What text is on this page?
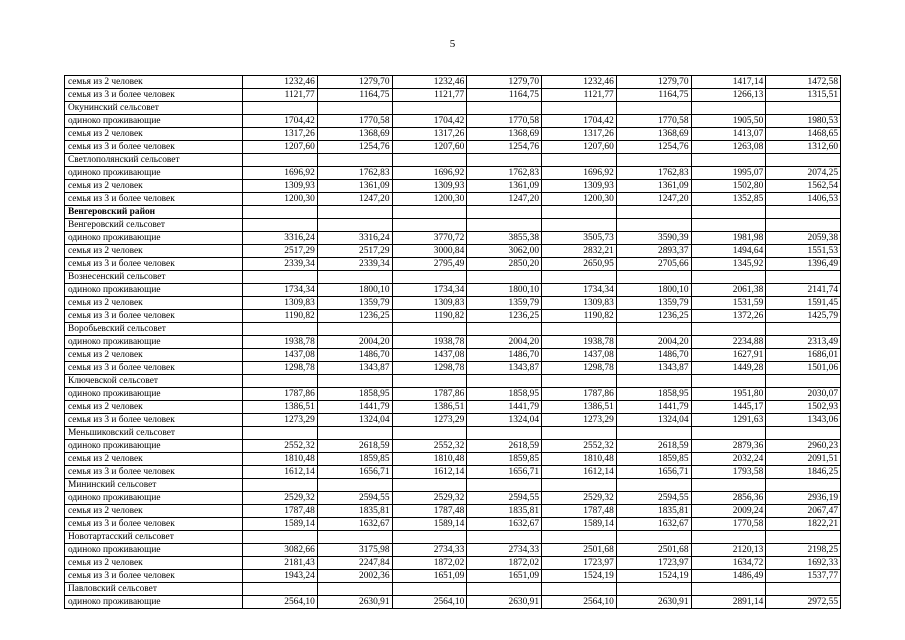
5
семья из 2 человек	1232,46	1279,70	1232,46	1279,70	1232,46	1279,70	1417,14	1472,58
семья из 3 и более человек	1121,77	1164,75	1121,77	1164,75	1121,77	1164,75	1266,13	1315,51
Окунинский сельсовет								
одиноко проживающие	1704,42	1770,58	1704,42	1770,58	1704,42	1770,58	1905,50	1980,53
семья из 2 человек	1317,26	1368,69	1317,26	1368,69	1317,26	1368,69	1413,07	1468,65
семья из 3 и более человек	1207,60	1254,76	1207,60	1254,76	1207,60	1254,76	1263,08	1312,60
Светлополянский сельсовет								
одиноко проживающие	1696,92	1762,83	1696,92	1762,83	1696,92	1762,83	1995,07	2074,25
семья из 2 человек	1309,93	1361,09	1309,93	1361,09	1309,93	1361,09	1502,80	1562,54
семья из 3 и более человек	1200,30	1247,20	1200,30	1247,20	1200,30	1247,20	1352,85	1406,53
Венгеровский район								
Венгеровский сельсовет								
одиноко проживающие	3316,24	3316,24	3770,72	3855,38	3505,73	3590,39	1981,98	2059,38
семья из 2 человек	2517,29	2517,29	3000,84	3062,00	2832,21	2893,37	1494,64	1551,53
семья из 3 и более человек	2339,34	2339,34	2795,49	2850,20	2650,95	2705,66	1345,92	1396,49
Вознесенский сельсовет								
одиноко проживающие	1734,34	1800,10	1734,34	1800,10	1734,34	1800,10	2061,38	2141,74
семья из 2 человек	1309,83	1359,79	1309,83	1359,79	1309,83	1359,79	1531,59	1591,45
семья из 3 и более человек	1190,82	1236,25	1190,82	1236,25	1190,82	1236,25	1372,26	1425,79
Воробьевский сельсовет								
одиноко проживающие	1938,78	2004,20	1938,78	2004,20	1938,78	2004,20	2234,88	2313,49
семья из 2 человек	1437,08	1486,70	1437,08	1486,70	1437,08	1486,70	1627,91	1686,01
семья из 3 и более человек	1298,78	1343,87	1298,78	1343,87	1298,78	1343,87	1449,28	1501,06
Ключевской сельсовет								
одиноко проживающие	1787,86	1858,95	1787,86	1858,95	1787,86	1858,95	1951,80	2030,07
семья из 2 человек	1386,51	1441,79	1386,51	1441,79	1386,51	1441,79	1445,17	1502,93
семья из 3 и более человек	1273,29	1324,04	1273,29	1324,04	1273,29	1324,04	1291,63	1343,06
Меньшиковский сельсовет								
одиноко проживающие	2552,32	2618,59	2552,32	2618,59	2552,32	2618,59	2879,36	2960,23
семья из 2 человек	1810,48	1859,85	1810,48	1859,85	1810,48	1859,85	2032,24	2091,51
семья из 3 и более человек	1612,14	1656,71	1612,14	1656,71	1612,14	1656,71	1793,58	1846,25
Мининский сельсовет								
одиноко проживающие	2529,32	2594,55	2529,32	2594,55	2529,32	2594,55	2856,36	2936,19
семья из 2 человек	1787,48	1835,81	1787,48	1835,81	1787,48	1835,81	2009,24	2067,47
семья из 3 и более человек	1589,14	1632,67	1589,14	1632,67	1589,14	1632,67	1770,58	1822,21
Новотартасский сельсовет								
одиноко проживающие	3082,66	3175,98	2734,33	2734,33	2501,68	2501,68	2120,13	2198,25
семья из 2 человек	2181,43	2247,84	1872,02	1872,02	1723,97	1723,97	1634,72	1692,33
семья из 3 и более человек	1943,24	2002,36	1651,09	1651,09	1524,19	1524,19	1486,49	1537,77
Павловский сельсовет								
одиноко проживающие	2564,10	2630,91	2564,10	2630,91	2564,10	2630,91	2891,14	2972,55
